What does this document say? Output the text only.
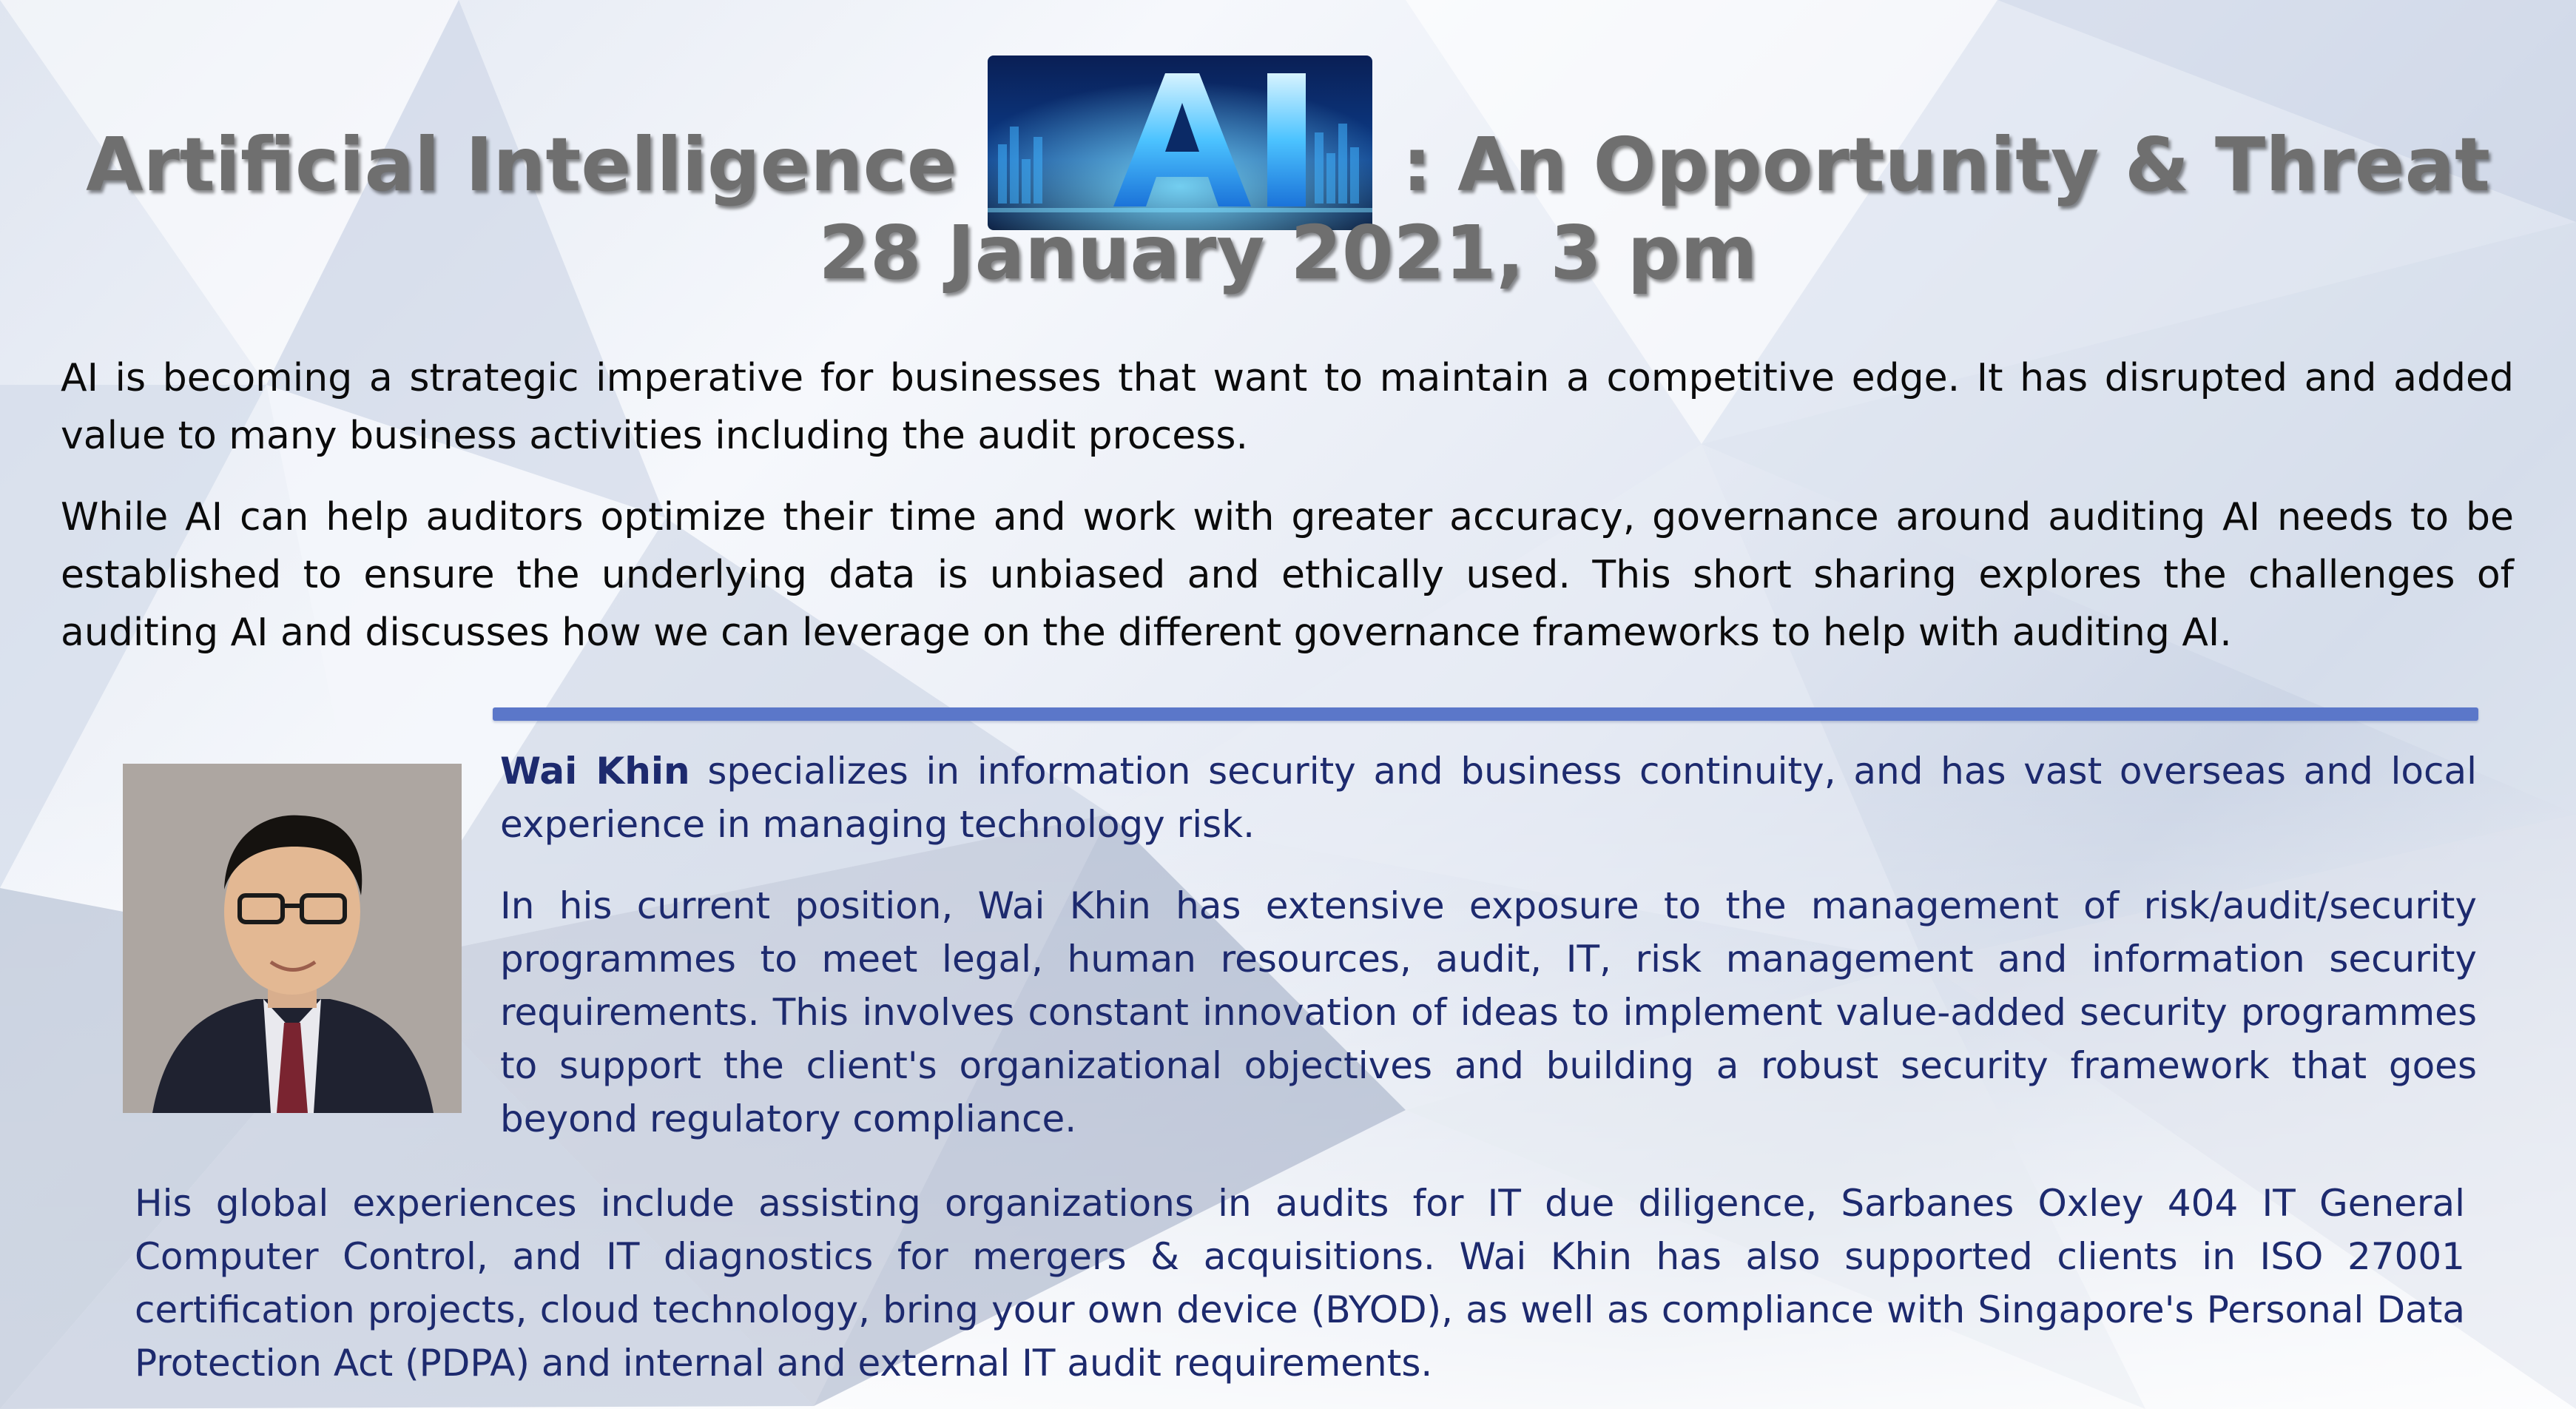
Artificial Intelligence	: An Opportunity & Threat
28 January 2021, 3 pm

AI is becoming a strategic imperative for businesses that want to maintain a competitive edge. It has disrupted and added value to many business activities including the audit process.

While AI can help auditors optimize their time and work with greater accuracy, governance around auditing AI needs to be established to ensure the underlying data is unbiased and ethically used. This short sharing explores the challenges of auditing AI and discusses how we can leverage on the different governance frameworks to help with auditing AI.

Wai Khin specializes in information security and business continuity, and has vast overseas and local experience in managing technology risk.

In his current position, Wai Khin has extensive exposure to the management of risk/audit/security programmes to meet legal, human resources, audit, IT, risk management and information security requirements. This involves constant innovation of ideas to implement value-added security programmes to support the client's organizational objectives and building a robust security framework that goes beyond regulatory compliance.

His global experiences include assisting organizations in audits for IT due diligence, Sarbanes Oxley 404 IT General Computer Control, and IT diagnostics for mergers & acquisitions. Wai Khin has also supported clients in ISO 27001 certification projects, cloud technology, bring your own device (BYOD), as well as compliance with Singapore's Personal Data Protection Act (PDPA) and internal and external IT audit requirements.
